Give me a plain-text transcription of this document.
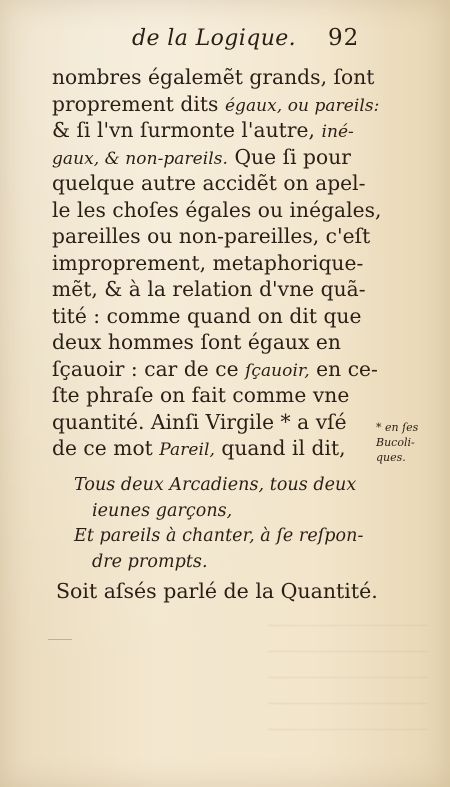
de la Logique. 92
nombres égalemẽt grands, ſont
proprement dits égaux, ou pareils:
& ſi l'vn ſurmonte l'autre, iné-
gaux, & non-pareils. Que ſi pour
quelque autre accidẽt on apel-
le les choſes égales ou inégales,
pareilles ou non-pareilles, c'eſt
improprement, metaphorique-
mẽt, & à la relation d'vne quã-
tité : comme quand on dit que
deux hommes ſont égaux en
ſçauoir : car de ce ſçauoir, en ce-
ſte phraſe on fait comme vne
quantité. Ainſi Virgile * a vſé
de ce mot Pareil, quand il dit,
* en ſes
Bucoli-
ques.
Tous deux Arcadiens, tous deux
ieunes garçons,
Et pareils à chanter, à ſe reſpon-
dre prompts.
Soit aſsés parlé de la Quantité.
